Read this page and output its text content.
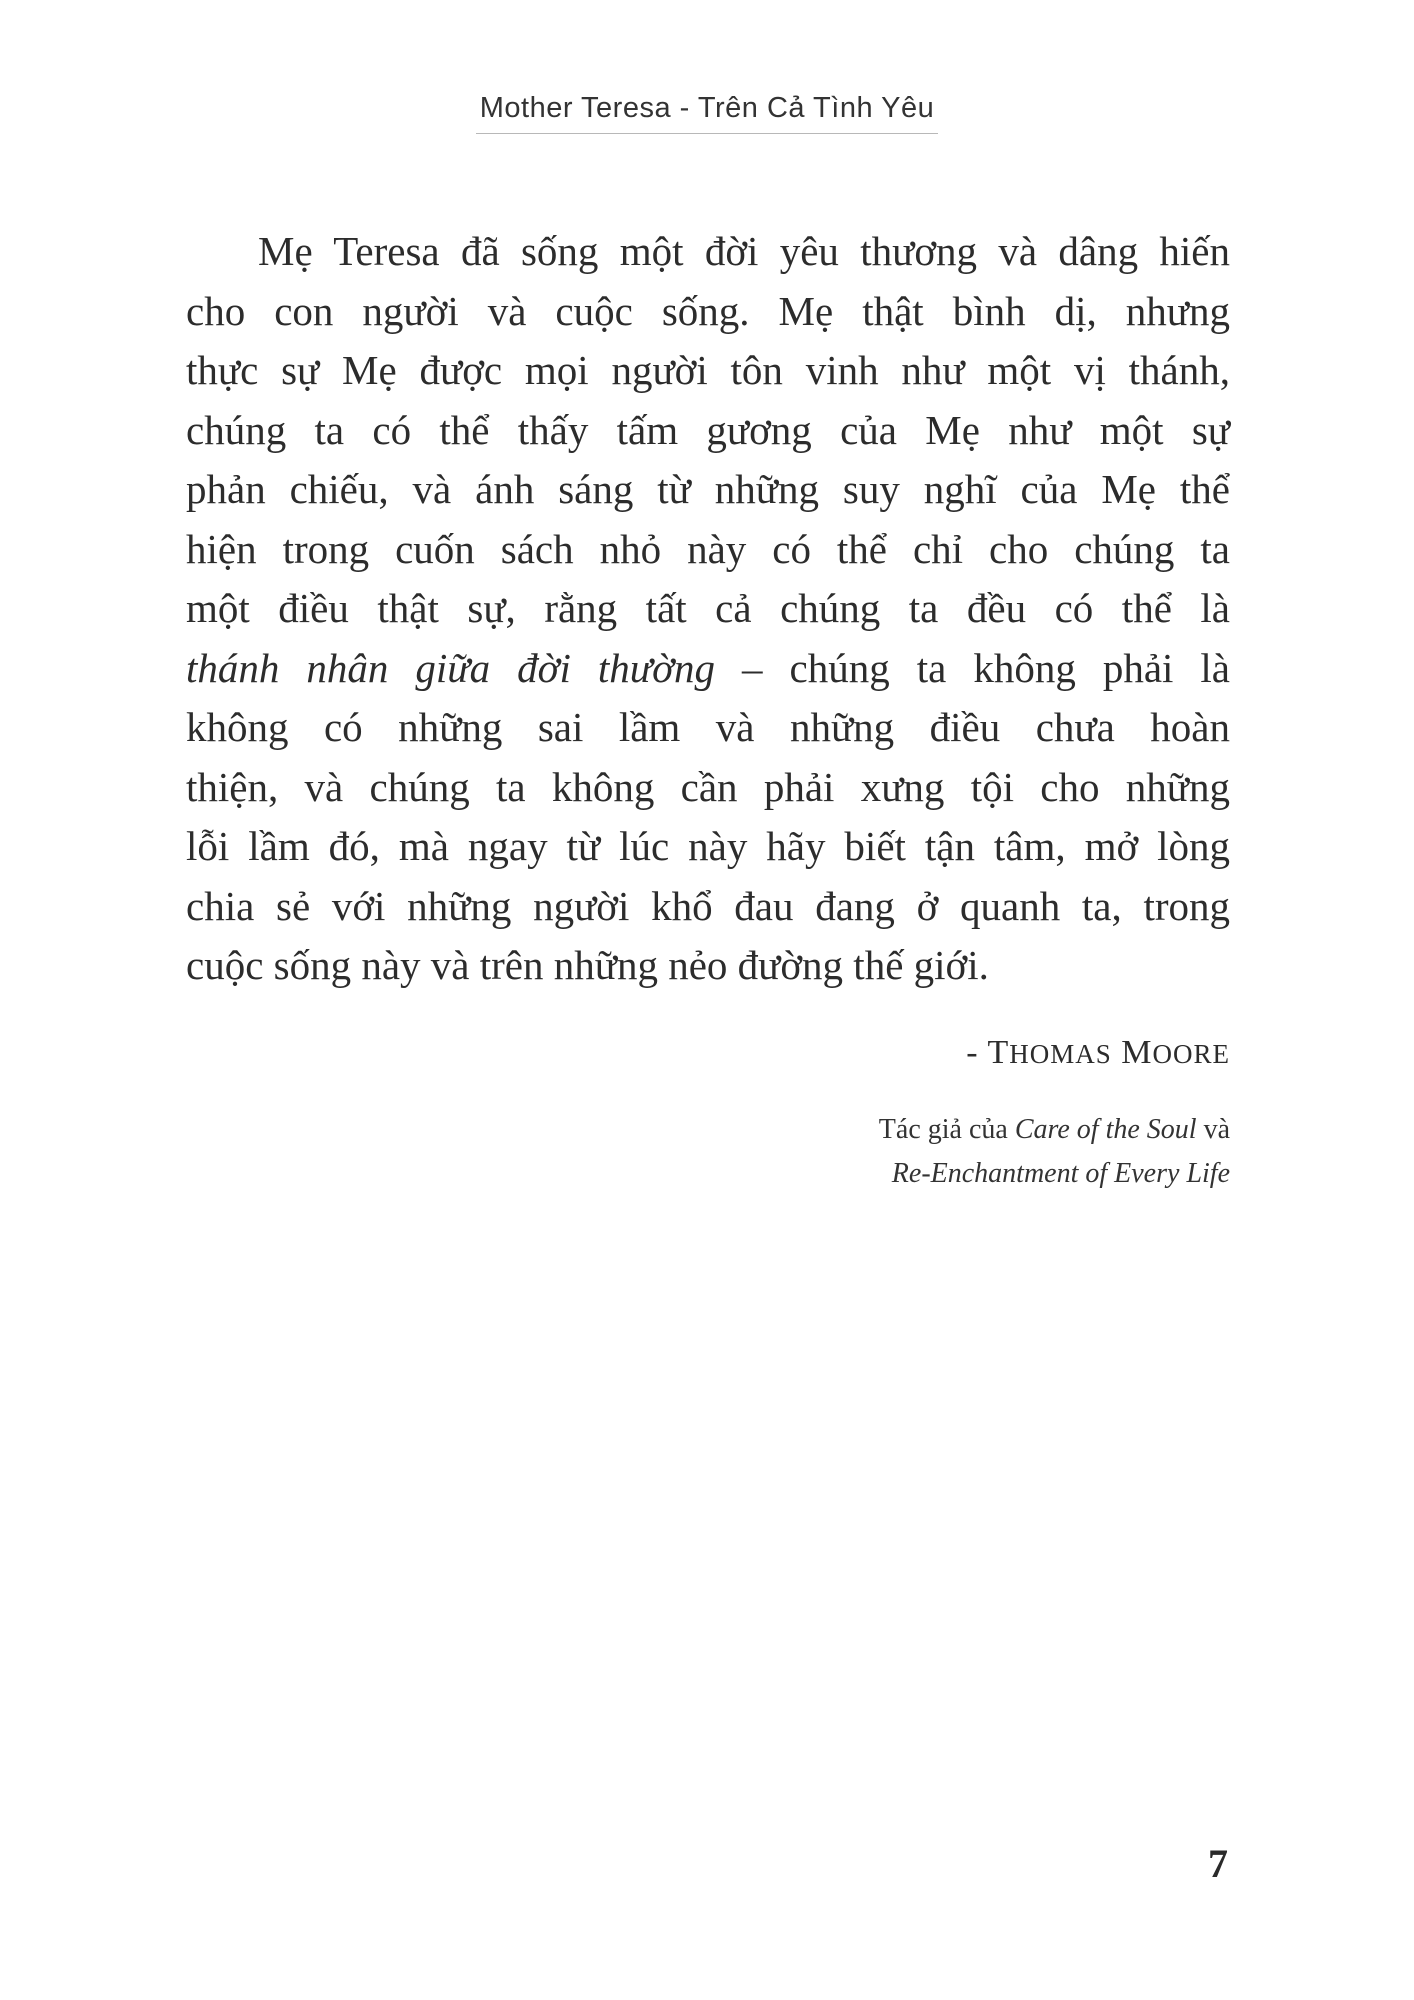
Mother Teresa - Trên Cả Tình Yêu
Mẹ Teresa đã sống một đời yêu thương và dâng hiến
cho con người và cuộc sống. Mẹ thật bình dị, nhưng
thực sự Mẹ được mọi người tôn vinh như một vị thánh,
chúng ta có thể thấy tấm gương của Mẹ như một sự
phản chiếu, và ánh sáng từ những suy nghĩ của Mẹ thể
hiện trong cuốn sách nhỏ này có thể chỉ cho chúng ta
một điều thật sự, rằng tất cả chúng ta đều có thể là
thánh nhân giữa đời thường – chúng ta không phải là
không có những sai lầm và những điều chưa hoàn
thiện, và chúng ta không cần phải xưng tội cho những
lỗi lầm đó, mà ngay từ lúc này hãy biết tận tâm, mở lòng
chia sẻ với những người khổ đau đang ở quanh ta, trong
cuộc sống này và trên những nẻo đường thế giới.
- THOMAS MOORE
Tác giả của Care of the Soul và
Re-Enchantment of Every Life
7
